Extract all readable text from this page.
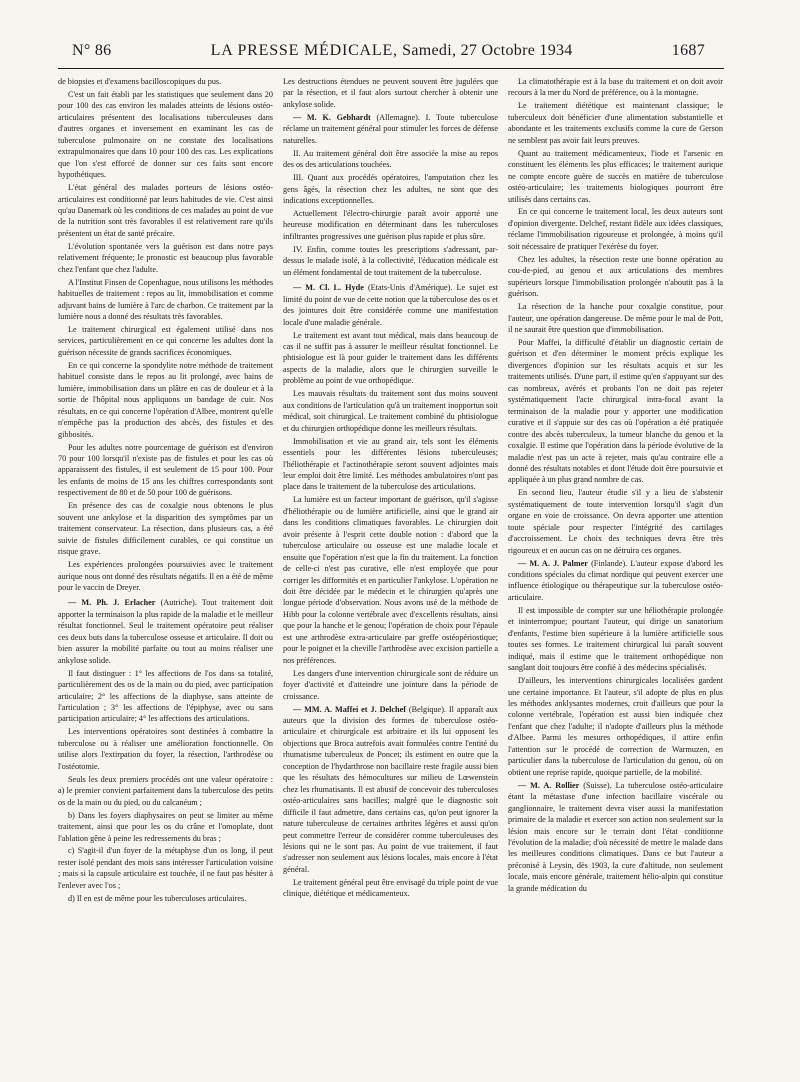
N° 86	LA PRESSE MÉDICALE, Samedi, 27 Octobre 1934	1687

de biopsies et d'examens bacilloscopiques du pus.

C'est un fait établi par les statistiques que seulement dans 20 pour 100 des cas environ les malades atteints de lésions ostéo-articulaires présentent des localisations tuberculeuses dans d'autres organes et inversement en examinant les cas de tuberculose pulmonaire on ne constate des localisations extrapulmonaires que dans 10 pour 100 des cas. Les explications que l'on s'est efforcé de donner sur ces faits sont encore hypothétiques.

L'état général des malades porteurs de lésions ostéo-articulaires est conditionné par leurs habitudes de vie. C'est ainsi qu'au Danemark où les conditions de ces malades au point de vue de la nutrition sont très favorables il est relativement rare qu'ils présentent un état de santé précaire.

L'évolution spontanée vers la guérison est dans notre pays relativement fréquente; le pronostic est beaucoup plus favorable chez l'enfant que chez l'adulte.

A l'Institut Finsen de Copenhague, nous utilisons les méthodes habituelles de traitement : repos au lit, immobilisation et comme adjuvant bains de lumière à l'arc de charbon. Ce traitement par la lumière nous a donné des résultats très favorables.

Le traitement chirurgical est également utilisé dans nos services, particulièrement en ce qui concerne les adultes dont la guérison nécessite de grands sacrifices économiques.

En ce qui concerne la spondylite notre méthode de traitement habituel consiste dans le repos au lit prolongé, avec bains de lumière, immobilisation dans un plâtre en cas de douleur et à la sortie de l'hôpital nous appliquons un bandage de cuir. Nos résultats, en ce qui concerne l'opération d'Albee, montrent qu'elle n'empêche pas la production des abcès, des fistules et des gibbosités.

Pour les adultes notre pourcentage de guérison est d'environ 70 pour 100 lorsqu'il n'existe pas de fistules et pour les cas où apparaissent des fistules, il est seulement de 15 pour 100. Pour les enfants de moins de 15 ans les chiffres correspondants sont respectivement de 80 et de 50 pour 100 de guérisons.

En présence des cas de coxalgie nous obtenons le plus souvent une ankylose et la disparition des symptômes par un traitement conservateur. La résection, dans plusieurs cas, a été suivie de fistules difficilement curables, ce qui constitue un risque grave.

Les expériences prolongées poursuivies avec le traitement aurique nous ont donné des résultats négatifs. Il en a été de même pour le vaccin de Dreyer.

— M. Ph. J. Erlacher (Autriche). Tout traitement doit apporter la terminaison la plus rapide de la maladie et le meilleur résultat fonctionnel. Seul le traitement opératoire peut réaliser ces deux buts dans la tuberculose osseuse et articulaire. Il doit ou bien assurer la mobilité parfaite ou tout au moins réaliser une ankylose solide.

Il faut distinguer : 1° les affections de l'os dans sa totalité, particulièrement des os de la main ou du pied, avec participation articulaire; 2° les affections de la diaphyse, sans atteinte de l'articulation ; 3° les affections de l'épiphyse, avec ou sans participation articulaire; 4° les affections des articulations.

Les interventions opératoires sont destinées à combattre la tuberculose ou à réaliser une amélioration fonctionnelle. On utilise alors l'extirpation du foyer, la résection, l'arthrodèse ou l'ostéotomie.

Seuls les deux premiers procédés ont une valeur opératoire : a) le premier convient parfaitement dans la tuberculose des petits os de la main ou du pied, ou du calcanéum ;

b) Dans les foyers diaphysaires on peut se limiter au même traitement, ainsi que pour les os du crâne et l'omoplate, dont l'ablation gêne à peine les redressements du bras ;

c) S'agit-il d'un foyer de la métaphyse d'un os long, il peut rester isolé pendant des mois sans intéresser l'articulation voisine ; mais si la capsule articulaire est touchée, il ne faut pas hésiter à l'enlever avec l'os ;

d) Il en est de même pour les tuberculoses articulaires.

Les destructions étendues ne peuvent souvent être jugulées que par la résection, et il faut alors surtout chercher à obtenir une ankylose solide.

— M. K. Gebhardt (Allemagne). I. Toute tuberculose réclame un traitement général pour stimuler les forces de défense naturelles.

II. Au traitement général doit être associée la mise au repos des os des articulations touchées.

III. Quant aux procédés opératoires, l'amputation chez les gens âgés, la résection chez les adultes, ne sont que des indications exceptionnelles.

Actuellement l'électro-chirurgie paraît avoir apporté une heureuse modification en déterminant dans les tuberculoses infiltrantes progressives une guérison plus rapide et plus sûre.

IV. Enfin, comme toutes les prescriptions s'adressant, par-dessus le malade isolé, à la collectivité, l'éducation médicale est un élément fondamental de tout traitement de la tuberculose.

— M. Cl. L. Hyde (Etats-Unis d'Amérique). Le sujet est limité du point de vue de cette notion que la tuberculose des os et des jointures doit être considérée comme une manifestation locale d'une maladie générale.

Le traitement est avant tout médical, mais dans beaucoup de cas il ne suffit pas à assurer le meilleur résultat fonctionnel. Le phtisiologue est là pour guider le traitement dans les différents aspects de la maladie, alors que le chirurgien surveille le problème au point de vue orthopédique.

Les mauvais résultats du traitement sont dus moins souvent aux conditions de l'articulation qu'à un traitement inopportun soit médical, soit chirurgical. Le traitement combiné du phtisiologue et du chirurgien orthopédique donne les meilleurs résultats.

Immobilisation et vie au grand air, tels sont les éléments essentiels pour les différentes lésions tuberculeuses; l'héliothérapie et l'actinothérapie seront souvent adjointes mais leur emploi doit être limité. Les méthodes ambulatoires n'ont pas place dans le traitement de la tuberculose des articulations.

La lumière est un facteur important de guérison, qu'il s'agisse d'héliothérapie ou de lumière artificielle, ainsi que le grand air dans les conditions climatiques favorables. Le chirurgien doit avoir présente à l'esprit cette double notion : d'abord que la tuberculose articulaire ou osseuse est une maladie locale et ensuite que l'opération n'est que la fin du traitement. La fonction de celle-ci n'est pas curative, elle n'est employée que pour corriger les difformités et en particulier l'ankylose. L'opération ne doit être décidée par le médecin et le chirurgien qu'après une longue période d'observation. Nous avons usé de la méthode de Hibb pour la colonne vertébrale avec d'excellents résultats, ainsi que pour la hanche et le genou; l'opération de choix pour l'épaule est une arthrodèse extra-articulaire par greffe ostéopériostique; pour le poignet et la cheville l'arthrodèse avec excision partielle a nos préférences.

Les dangers d'une intervention chirurgicale sont de réduire un foyer d'activité et d'atteindre une jointure dans la période de croissance.

— MM. A. Maffei et J. Delchef (Belgique). Il apparaît aux auteurs que la division des formes de tuberculose ostéo-articulaire et chirurgicale est arbitraire et ils lui opposent les objections que Broca autrefois avait formulées contre l'entité du rhumatisme tuberculeux de Poncet; ils estiment en outre que la conception de l'hydarthrose non bacillaire reste fragile aussi bien que les résultats des hémocultures sur milieu de Lœwenstein chez les rhumatisants. Il est abusif de concevoir des tuberculoses ostéo-articulaires sans bacilles; malgré que le diagnostic soit difficile il faut admettre, dans certains cas, qu'on peut ignorer la nature tuberculeuse de certaines arthrites légères et aussi qu'on peut commettre l'erreur de considérer comme tuberculeuses des lésions qui ne le sont pas. Au point de vue traitement, il faut s'adresser non seulement aux lésions locales, mais encore à l'état général.

Le traitement général peut être envisagé du triple point de vue clinique, diététique et médicamenteux.

La climatothérapie est à la base du traitement et on doit avoir recours à la mer du Nord de préférence, ou à la montagne.

Le traitement diététique est maintenant classique; le tuberculeux doit bénéficier d'une alimentation substantielle et abondante et les traitements exclusifs comme la cure de Gerson ne semblent pas avoir fait leurs preuves.

Quant au traitement médicamenteux, l'iode et l'arsenic en constituent les éléments les plus efficaces; le traitement aurique ne compte encore guère de succès en matière de tuberculose ostéo-articulaire; les traitements biologiques pourront être utilisés dans certains cas.

En ce qui concerne le traitement local, les deux auteurs sont d'opinion divergente. Delchef, restant fidèle aux idées classiques, réclame l'immobilisation rigoureuse et prolongée, à moins qu'il soit nécessaire de pratiquer l'exérèse du foyer.

Chez les adultes, la résection reste une bonne opération au cou-de-pied, au genou et aux articulations des membres supérieurs lorsque l'immobilisation prolongée n'aboutit pas à la guérison.

La résection de la hanche pour coxalgie constitue, pour l'auteur, une opération dangereuse. De même pour le mal de Pott, il ne saurait être question que d'immobilisation.

Pour Maffei, la difficulté d'établir un diagnostic certain de guérison et d'en déterminer le moment précis explique les divergences d'opinion sur les résultats acquis et sur les traitements utilisés. D'une part, il estime qu'en s'appuyant sur des cas nombreux, avérés et probants l'on ne doit pas rejeter systématiquement l'acte chirurgical intra-focal avant la terminaison de la maladie pour y apporter une modification curative et il s'appuie sur des cas où l'opération a été pratiquée contre des abcès tuberculeux, la tumeur blanche du genou et la coxalgie. Il estime que l'opération dans la période évolutive de la maladie n'est pas un acte à rejeter, mais qu'au contraire elle a donné des résultats notables et dont l'étude doit être poursuivie et appliquée à un plus grand nombre de cas.

En second lieu, l'auteur étudie s'il y a lieu de s'abstenir systématiquement de toute intervention lorsqu'il s'agit d'un organe en voie de croissance. On devra apporter une attention toute spéciale pour respecter l'intégrité des cartilages d'accroissement. Le choix des techniques devra être très rigoureux et en aucun cas on ne détruira ces organes.

— M. A. J. Palmer (Finlande). L'auteur expose d'abord les conditions spéciales du climat nordique qui peuvent exercer une influence étiologique ou thérapeutique sur la tuberculose ostéo-articulaire.

Il est impossible de compter sur une héliothérapie prolongée et ininterrompue; pourtant l'auteur, qui dirige un sanatorium d'enfants, l'estime bien supérieure à la lumière artificielle sous toutes ses formes. Le traitement chirurgical lui paraît souvent indiqué, mais il estime que le traitement orthopédique non sanglant doit toujours être confié à des médecins spécialisés.

D'ailleurs, les interventions chirurgicales localisées gardent une certaine importance. Et l'auteur, s'il adopte de plus en plus les méthodes anklysantes modernes, croit d'ailleurs que pour la colonne vertébrale, l'opération est aussi bien indiquée chez l'enfant que chez l'adulte; il n'adopte d'ailleurs plus la méthode d'Albee. Parmi les mesures orthopédiques, il attire enfin l'attention sur le procédé de correction de Warmuzen, en particulier dans la tuberculose de l'articulation du genou, où on obtient une reprise rapide, quoique partielle, de la mobilité.

— M. A. Rollier (Suisse). La tuberculose ostéo-articulaire étant la métastase d'une infection bacillaire viscérale ou ganglionnaire, le traitement devra viser aussi la manifestation primaire de la maladie et exercer son action non seulement sur la lésion mais encore sur le terrain dont l'état conditionne l'évolution de la maladie; d'où nécessité de mettre le malade dans les meilleures conditions climatiques. Dans ce but l'auteur a préconisé à Leysin, dès 1903, la cure d'altitude, non seulement locale, mais encore générale, traitement hélio-alpin qui constitue la grande médication du
